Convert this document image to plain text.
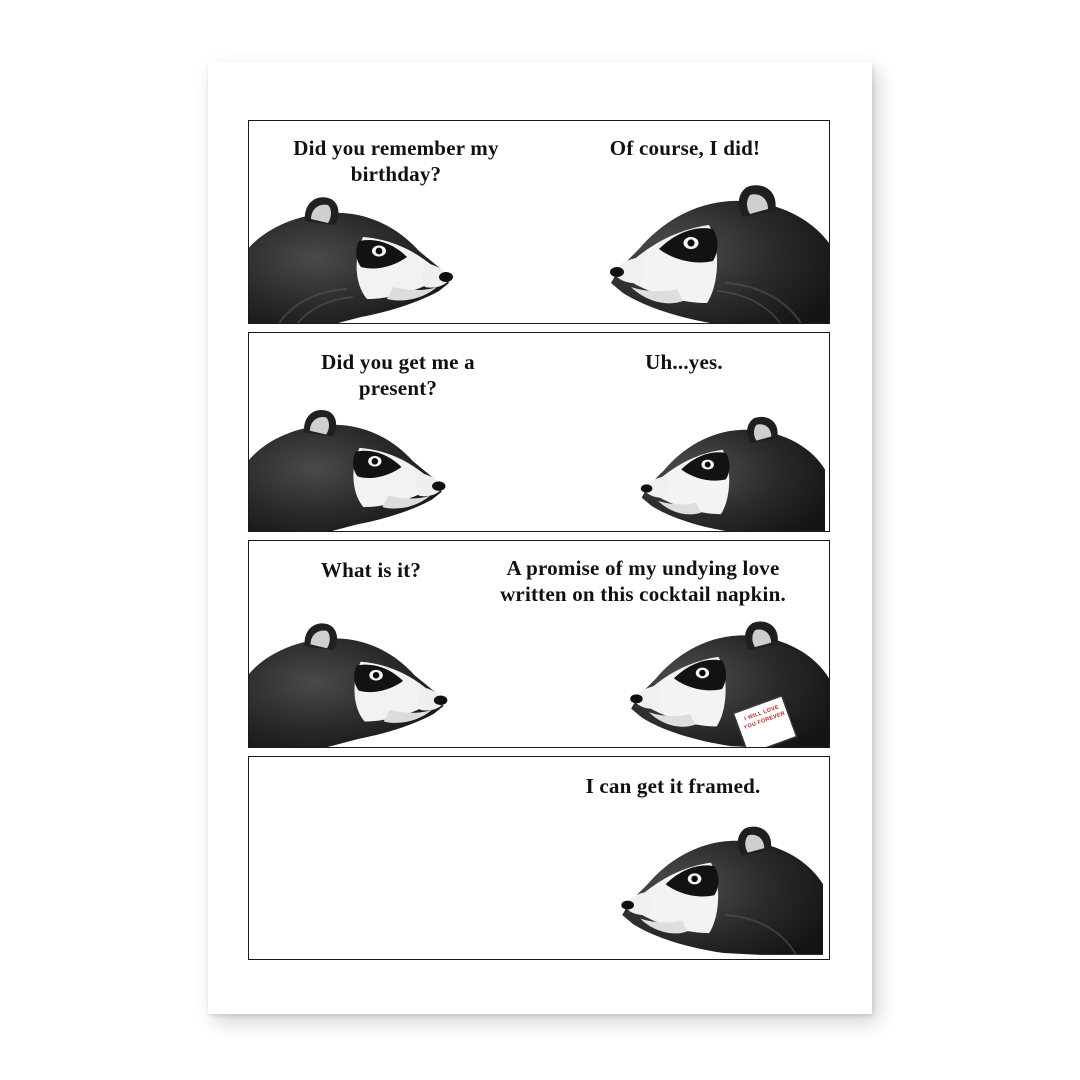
Did you remember my birthday?
Of course, I did!
Did you get me a present?
Uh...yes.
What is it?	A promise of my undying love written on this cocktail napkin.
I WILL LOVE YOU FOREVER
I can get it framed.
